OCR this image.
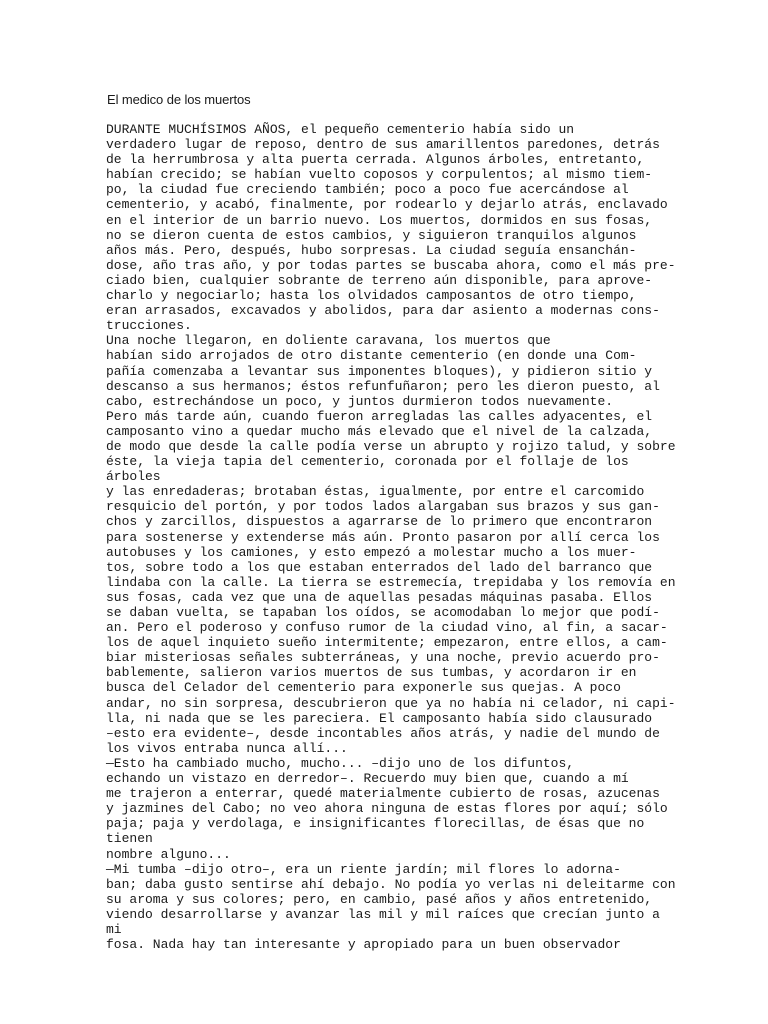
El medico de los muertos
DURANTE MUCHÍSIMOS AÑOS, el pequeño cementerio había sido un
verdadero lugar de reposo, dentro de sus amarillentos paredones, detrás
de la herrumbrosa y alta puerta cerrada. Algunos árboles, entretanto,
habían crecido; se habían vuelto coposos y corpulentos; al mismo tiem-
po, la ciudad fue creciendo también; poco a poco fue acercándose al
cementerio, y acabó, finalmente, por rodearlo y dejarlo atrás, enclavado
en el interior de un barrio nuevo. Los muertos, dormidos en sus fosas,
no se dieron cuenta de estos cambios, y siguieron tranquilos algunos
años más. Pero, después, hubo sorpresas. La ciudad seguía ensanchán-
dose, año tras año, y por todas partes se buscaba ahora, como el más pre-
ciado bien, cualquier sobrante de terreno aún disponible, para aprove-
charlo y negociarlo; hasta los olvidados camposantos de otro tiempo,
eran arrasados, excavados y abolidos, para dar asiento a modernas cons-
trucciones.
Una noche llegaron, en doliente caravana, los muertos que
habían sido arrojados de otro distante cementerio (en donde una Com-
pañía comenzaba a levantar sus imponentes bloques), y pidieron sitio y
descanso a sus hermanos; éstos refunfuñaron; pero les dieron puesto, al
cabo, estrechándose un poco, y juntos durmieron todos nuevamente.
Pero más tarde aún, cuando fueron arregladas las calles adyacentes, el
camposanto vino a quedar mucho más elevado que el nivel de la calzada,
de modo que desde la calle podía verse un abrupto y rojizo talud, y sobre
éste, la vieja tapia del cementerio, coronada por el follaje de los
árboles
y las enredaderas; brotaban éstas, igualmente, por entre el carcomido
resquicio del portón, y por todos lados alargaban sus brazos y sus gan-
chos y zarcillos, dispuestos a agarrarse de lo primero que encontraron
para sostenerse y extenderse más aún. Pronto pasaron por allí cerca los
autobuses y los camiones, y esto empezó a molestar mucho a los muer-
tos, sobre todo a los que estaban enterrados del lado del barranco que
lindaba con la calle. La tierra se estremecía, trepidaba y los removía en
sus fosas, cada vez que una de aquellas pesadas máquinas pasaba. Ellos
se daban vuelta, se tapaban los oídos, se acomodaban lo mejor que podí-
an. Pero el poderoso y confuso rumor de la ciudad vino, al fin, a sacar-
los de aquel inquieto sueño intermitente; empezaron, entre ellos, a cam-
biar misteriosas señales subterráneas, y una noche, previo acuerdo pro-
bablemente, salieron varios muertos de sus tumbas, y acordaron ir en
busca del Celador del cementerio para exponerle sus quejas. A poco
andar, no sin sorpresa, descubrieron que ya no había ni celador, ni capi-
lla, ni nada que se les pareciera. El camposanto había sido clausurado
–esto era evidente–, desde incontables años atrás, y nadie del mundo de
los vivos entraba nunca allí...
—Esto ha cambiado mucho, mucho... –dijo uno de los difuntos,
echando un vistazo en derredor–. Recuerdo muy bien que, cuando a mí
me trajeron a enterrar, quedé materialmente cubierto de rosas, azucenas
y jazmines del Cabo; no veo ahora ninguna de estas flores por aquí; sólo
paja; paja y verdolaga, e insignificantes florecillas, de ésas que no
tienen
nombre alguno...
—Mi tumba –dijo otro–, era un riente jardín; mil flores lo adorna-
ban; daba gusto sentirse ahí debajo. No podía yo verlas ni deleitarme con
su aroma y sus colores; pero, en cambio, pasé años y años entretenido,
viendo desarrollarse y avanzar las mil y mil raíces que crecían junto a
mi
fosa. Nada hay tan interesante y apropiado para un buen observador
